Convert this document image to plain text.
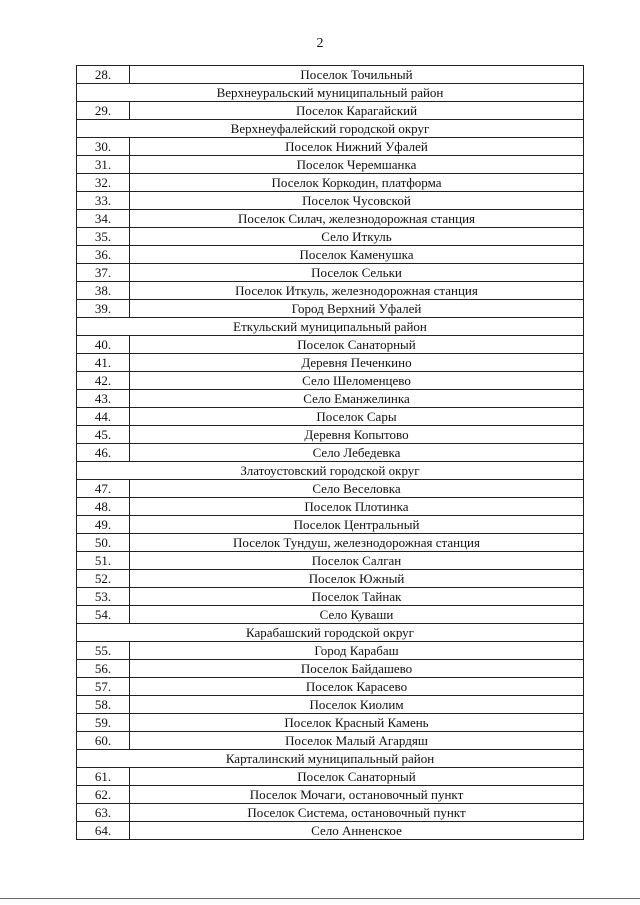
2
28.	Поселок Точильный
Верхнеуральский муниципальный район	
29.	Поселок Карагайский
Верхнеуфалейский городской округ	
30.	Поселок Нижний Уфалей
31.	Поселок Черемшанка
32.	Поселок Коркодин, платформа
33.	Поселок Чусовской
34.	Поселок Силач, железнодорожная станция
35.	Село Иткуль
36.	Поселок Каменушка
37.	Поселок Сельки
38.	Поселок Иткуль, железнодорожная станция
39.	Город Верхний Уфалей
Еткульский муниципальный район	
40.	Поселок Санаторный
41.	Деревня Печенкино
42.	Село Шеломенцево
43.	Село Еманжелинка
44.	Поселок Сары
45.	Деревня Копытово
46.	Село Лебедевка
Златоустовский городской округ	
47.	Село Веселовка
48.	Поселок Плотинка
49.	Поселок Центральный
50.	Поселок Тундуш, железнодорожная станция
51.	Поселок Салган
52.	Поселок Южный
53.	Поселок Тайнак
54.	Село Куваши
Карабашский городской округ	
55.	Город Карабаш
56.	Поселок Байдашево
57.	Поселок Карасево
58.	Поселок Киолим
59.	Поселок Красный Камень
60.	Поселок Малый Агардяш
Карталинский муниципальный район	
61.	Поселок Санаторный
62.	Поселок Мочаги, остановочный пункт
63.	Поселок Система, остановочный пункт
64.	Село Анненское
